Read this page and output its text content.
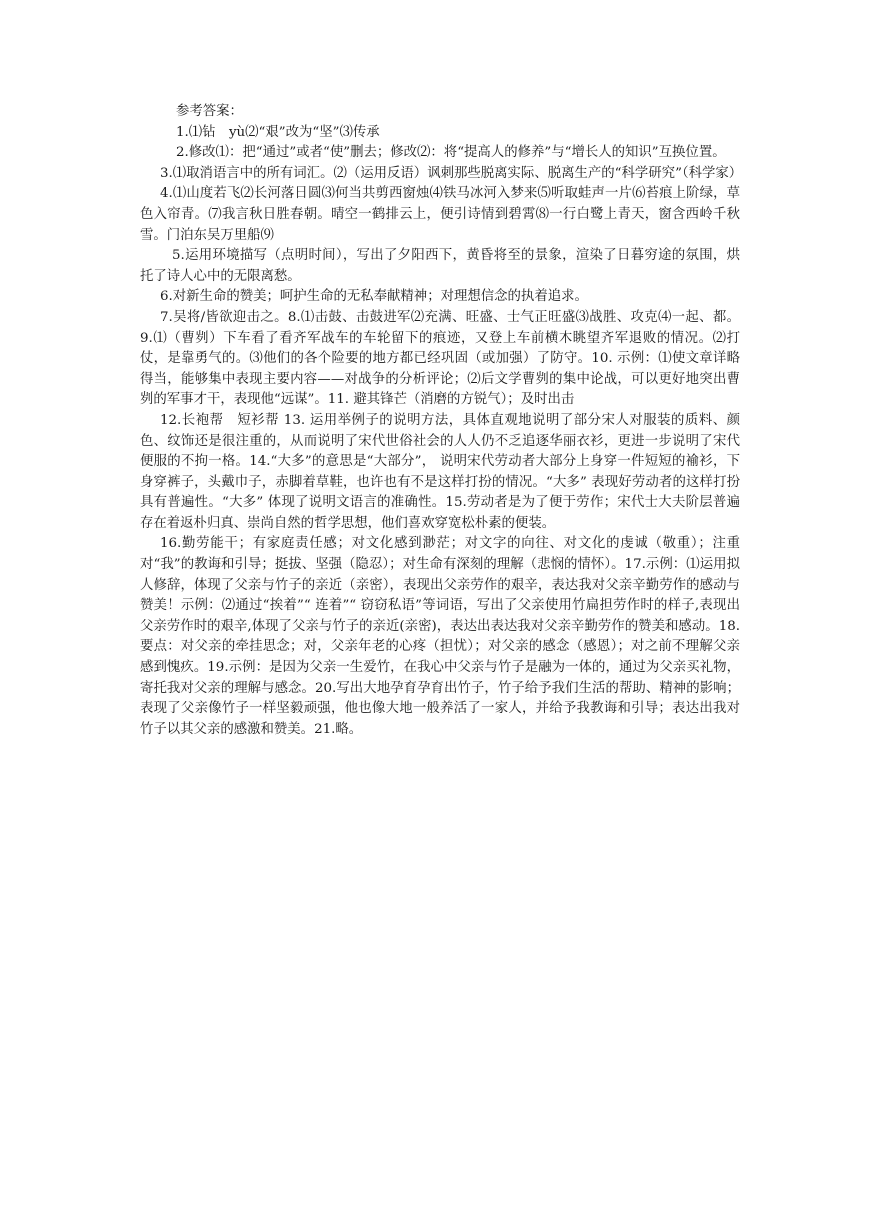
参考答案：

1.⑴钻　yù⑵“艰”改为“坚”⑶传承

2.修改⑴：把“通过”或者“使”删去；修改⑵：将“提高人的修养”与“增长人的知识”互换位置。

3.⑴取消语言中的所有词汇。⑵（运用反语）讽刺那些脱离实际、脱离生产的“科学研究”（科学家）

4.⑴山度若飞⑵长河落日圆⑶何当共剪西窗烛⑷铁马冰河入梦来⑸听取蛙声一片⑹苔痕上阶绿，草色入帘青。⑺我言秋日胜春朝。晴空一鹤排云上，便引诗情到碧霄⑻一行白鹭上青天，窗含西岭千秋雪。门泊东吴万里船⑼

5.运用环境描写（点明时间），写出了夕阳西下，黄昏将至的景象，渲染了日暮穷途的氛围，烘托了诗人心中的无限离愁。

6.对新生命的赞美；呵护生命的无私奉献精神；对理想信念的执着追求。

7.吴将/皆欲迎击之。8.⑴击鼓、击鼓进军⑵充满、旺盛、士气正旺盛⑶战胜、攻克⑷一起、都。9.⑴（曹刿）下车看了看齐军战车的车轮留下的痕迹，又登上车前横木眺望齐军退败的情况。⑵打仗，是靠勇气的。⑶他们的各个险要的地方都已经巩固（或加强）了防守。10. 示例：⑴使文章详略得当，能够集中表现主要内容——对战争的分析评论；⑵后文学曹刿的集中论战，可以更好地突出曹刿的军事才干，表现他“远谋”。11. 避其锋芒（消磨的方锐气）；及时出击

12.长袍帮　短衫帮 13. 运用举例子的说明方法，具体直观地说明了部分宋人对服装的质料、颜色、纹饰还是很注重的，从而说明了宋代世俗社会的人人仍不乏追逐华丽衣衫，更进一步说明了宋代便服的不拘一格。14.“大多”的意思是“大部分”， 说明宋代劳动者大部分上身穿一件短短的褕衫，下身穿裤子，头戴巾子，赤脚着草鞋，也许也有不是这样打扮的情况。“大多” 表现好劳动者的这样打扮具有普遍性。“大多” 体现了说明文语言的准确性。15.劳动者是为了便于劳作；宋代士大夫阶层普遍存在着返朴归真、崇尚自然的哲学思想，他们喜欢穿宽松朴素的便装。

16.勤劳能干；有家庭责任感；对文化感到渺茫；对文字的向往、对文化的虔诚（敬重）；注重对“我”的教诲和引导；挺拔、坚强（隐忍）；对生命有深刻的理解（悲悯的情怀）。17.示例：⑴运用拟人修辞，体现了父亲与竹子的亲近（亲密），表现出父亲劳作的艰辛，表达我对父亲辛勤劳作的感动与赞美！示例：⑵通过“挨着”“ 连着”“ 窃窃私语”等词语，写出了父亲使用竹扁担劳作时的样子,表现出父亲劳作时的艰辛,体现了父亲与竹子的亲近(亲密)，表达出表达我对父亲辛勤劳作的赞美和感动。18.要点：对父亲的牵挂思念；对，父亲年老的心疼（担忧）；对父亲的感念（感恩）；对之前不理解父亲感到愧疚。19.示例：是因为父亲一生爱竹，在我心中父亲与竹子是融为一体的，通过为父亲买礼物，寄托我对父亲的理解与感念。20.写出大地孕育孕育出竹子，竹子给予我们生活的帮助、精神的影响；表现了父亲像竹子一样坚毅顽强，他也像大地一般养活了一家人，并给予我教诲和引导；表达出我对竹子以其父亲的感激和赞美。21.略。
